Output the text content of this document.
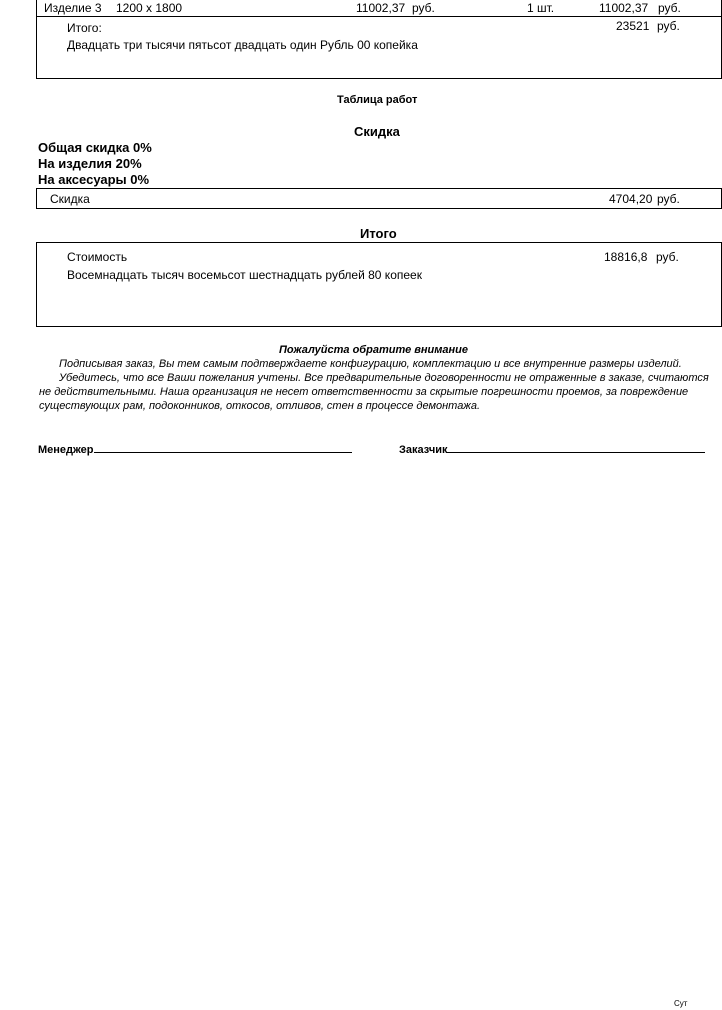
Изделие 3 1200 x 1800	11002,37 руб.	1 шт.	11002,37 руб.
Итого:	23521 руб.
Двадцать три тысячи пятьсот двадцать один Рубль 00 копейка
Таблица работ
Скидка
Общая скидка 0%
На изделия 20%
На аксесуары 0%
Скидка	4704,20 руб.
Итого
Стоимость	18816,8 руб.
Восемнадцать тысяч восемьсот шестнадцать рублей 80 копеек
Пожалуйста обратите внимание
Подписывая заказ, Вы тем самым подтверждаете конфигурацию, комплектацию и все внутренние размеры изделий.
Убедитесь, что все Ваши пожелания учтены. Все предварительные договоренности не отраженные в заказе, считаются
не действительными. Наша организация не несет ответственности за скрытые погрешности проемов, за повреждение
существующих рам, подоконников, откосов, отливов, стен в процессе демонтажа.
Менеджер	Заказчик
Сут
